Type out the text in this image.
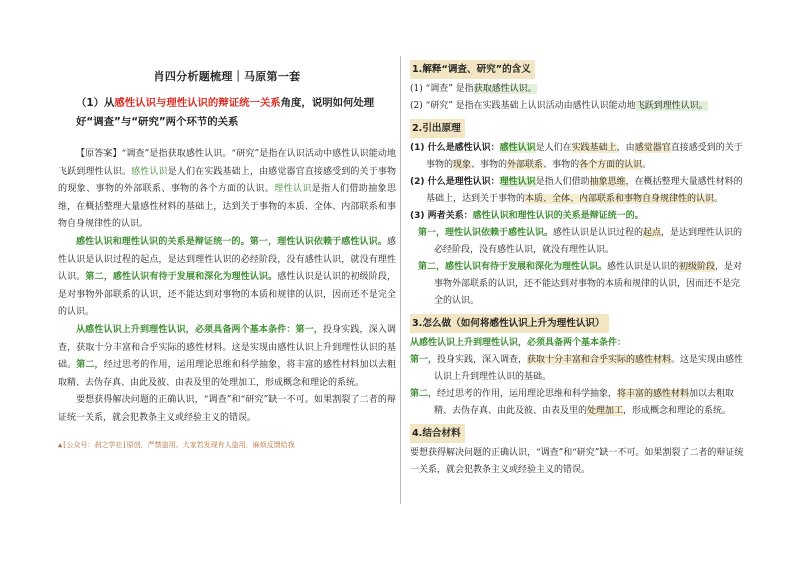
肖四分析题梳理｜马原第一套
（1）从感性认识与理性认识的辩证统一关系角度，说明如何处理好“调查”与“研究”两个环节的关系

【原答案】“调查”是指获取感性认识。“研究”是指在认识活动中感性认识能动地飞跃到理性认识。感性认识是人们在实践基础上，由感觉器官直接感受到的关于事物的现象、事物的外部联系、事物的各个方面的认识。理性认识是指人们借助抽象思维，在概括整理大量感性材料的基础上，达到关于事物的本质、全体、内部联系和事物自身规律性的认识。

感性认识和理性认识的关系是辩证统一的。第一，理性认识依赖于感性认识。感性认识是认识过程的起点，是达到理性认识的必经阶段，没有感性认识，就没有理性认识。第二，感性认识有待于发展和深化为理性认识。感性认识是认识的初级阶段，是对事物外部联系的认识，还不能达到对事物的本质和规律的认识，因而还不是完全的认识。

从感性认识上升到理性认识，必须具备两个基本条件：第一，投身实践，深入调查，获取十分丰富和合乎实际的感性材料。这是实现由感性认识上升到理性认识的基础。第二，经过思考的作用，运用理论思维和科学抽象，将丰富的感性材料加以去粗取精、去伪存真、由此及彼、由表及里的处理加工，形成概念和理论的系统。

要想获得解决问题的正确认识，“调查”和“研究”缺一不可。如果割裂了二者的辩证统一关系，就会犯教条主义或经验主义的错误。

▲[公众号：刹之学社]原创，严禁盗用。大家若发现有人盗用，麻烦反馈给我
1.解释“调查、研究”的含义
(1) “调查” 是指获取感性认识。
(2) “研究” 是指在实践基础上认识活动由感性认识能动地飞跃到理性认识。
2.引出原理
(1) 什么是感性认识：感性认识是人们在实践基础上，由感觉器官直接感受到的关于事物的现象、事物的外部联系、事物的各个方面的认识。
(2) 什么是理性认识：理性认识是指人们借助抽象思维，在概括整理大量感性材料的基础上，达到关于事物的本质、全体、内部联系和事物自身规律性的认识。
(3) 两者关系：感性认识和理性认识的关系是辩证统一的。
第一，理性认识依赖于感性认识。感性认识是认识过程的起点，是达到理性认识的必经阶段，没有感性认识，就没有理性认识。
第二，感性认识有待于发展和深化为理性认识。感性认识是认识的初级阶段，是对事物外部联系的认识，还不能达到对事物的本质和规律的认识，因而还不是完全的认识。
3.怎么做（如何将感性认识上升为理性认识）
从感性认识上升到理性认识，必须具备两个基本条件：
第一，投身实践，深入调查，获取十分丰富和合乎实际的感性材料。这是实现由感性认识上升到理性认识的基础。
第二，经过思考的作用，运用理论思维和科学抽象，将丰富的感性材料加以去粗取精、去伪存真、由此及彼、由表及里的处理加工，形成概念和理论的系统。
4.结合材料
要想获得解决问题的正确认识，“调查”和“研究”缺一不可。如果割裂了二者的辩证统一关系，就会犯教条主义或经验主义的错误。
